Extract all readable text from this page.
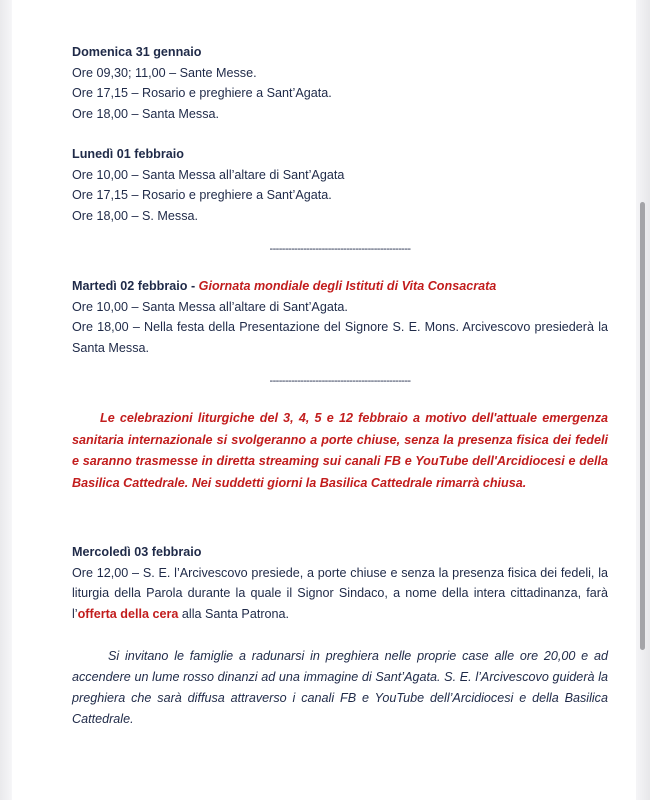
Domenica 31 gennaio
Ore 09,30; 11,00 – Sante Messe.
Ore 17,15 – Rosario e preghiere a Sant’Agata.
Ore 18,00 – Santa Messa.
Lunedì 01 febbraio
Ore 10,00 – Santa Messa all’altare di Sant’Agata
Ore 17,15 – Rosario e preghiere a Sant’Agata.
Ore 18,00 – S. Messa.
----------------------------------------------
Martedì 02 febbraio - Giornata mondiale degli Istituti di Vita Consacrata
Ore 10,00 – Santa Messa all’altare di Sant’Agata.
Ore 18,00 – Nella festa della Presentazione del Signore S. E. Mons. Arcivescovo presiederà la Santa Messa.
----------------------------------------------
Le celebrazioni liturgiche del 3, 4, 5 e 12 febbraio a motivo dell'attuale emergenza sanitaria internazionale si svolgeranno a porte chiuse, senza la presenza fisica dei fedeli e saranno trasmesse in diretta streaming sui canali FB e YouTube dell'Arcidiocesi e della Basilica Cattedrale. Nei suddetti giorni la Basilica Cattedrale rimarrà chiusa.
Mercoledì 03 febbraio
Ore 12,00 – S. E. l’Arcivescovo presiede, a porte chiuse e senza la presenza fisica dei fedeli, la liturgia della Parola durante la quale il Signor Sindaco, a nome della intera cittadinanza, farà l’offerta della cera alla Santa Patrona.
Si invitano le famiglie a radunarsi in preghiera nelle proprie case alle ore 20,00 e ad accendere un lume rosso dinanzi ad una immagine di Sant’Agata. S. E. l’Arcivescovo guiderà la preghiera che sarà diffusa attraverso i canali FB e YouTube dell’Arcidiocesi e della Basilica Cattedrale.
